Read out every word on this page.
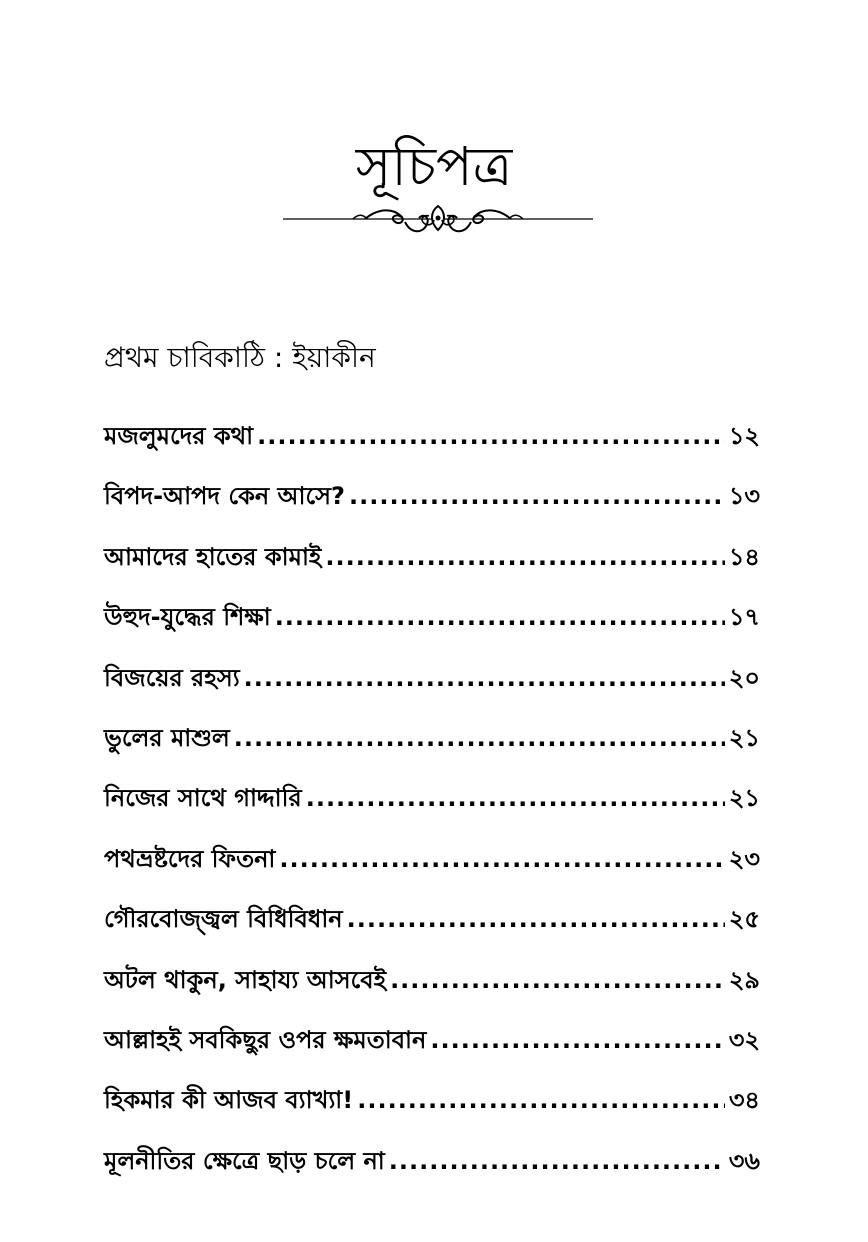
সূচিপত্র
প্রথম চাবিকাঠি : ইয়াকীন
মজলুমদের কথা .....	১২
বিপদ-আপদ কেন আসে? .....	১৩
আমাদের হাতের কামাই .....	১৪
উহুদ-যুদ্ধের শিক্ষা .....	১৭
বিজয়ের রহস্য .....	২০
ভুলের মাশুল .....	২১
নিজের সাথে গাদ্দারি .....	২১
পথভ্রষ্টদের ফিতনা .....	২৩
গৌরবোজ্জ্বল বিধিবিধান .....	২৫
অটল থাকুন, সাহায্য আসবেই .....	২৯
আল্লাহই সবকিছুর ওপর ক্ষমতাবান .....	৩২
হিকমার কী আজব ব্যাখ্যা! .....	৩৪
মূলনীতির ক্ষেত্রে ছাড় চলে না .....	৩৬
